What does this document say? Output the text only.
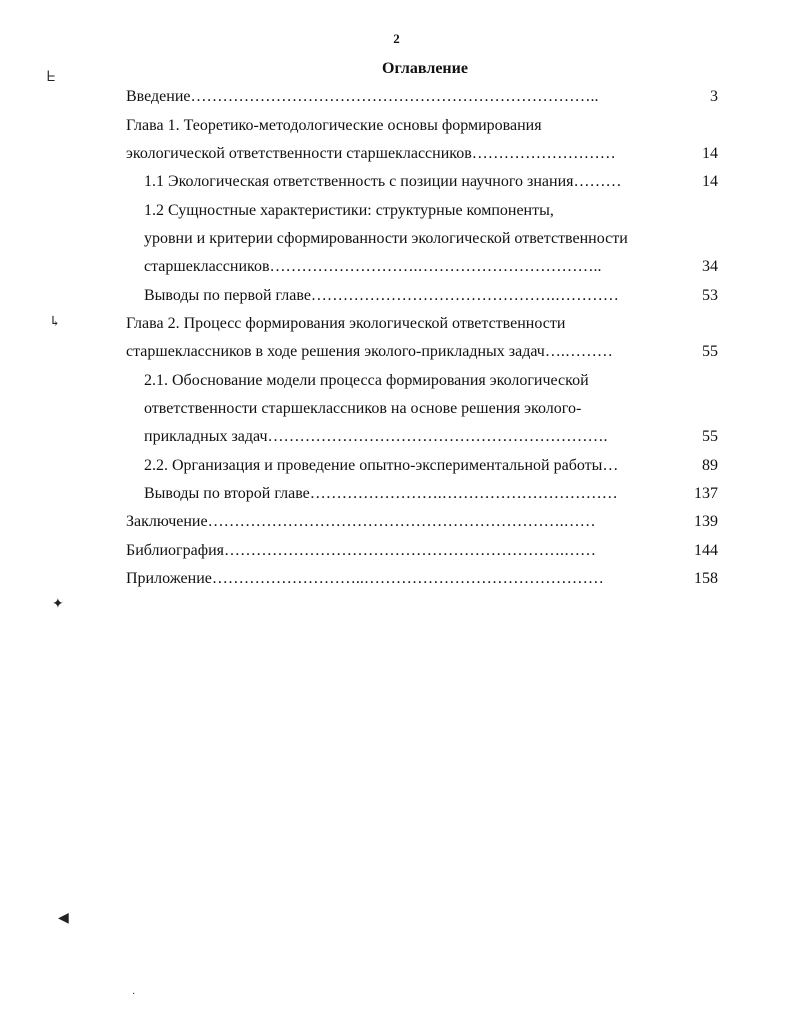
2
Оглавление
Введение…………………………………………………………………..	3
Глава 1. Теоретико-методологические основы формирования
экологической ответственности старшеклассников………………………	14
1.1 Экологическая ответственность с позиции научного знания………	14
1.2 Сущностные характеристики: структурные компоненты,
уровни и критерии сформированности экологической ответственности
старшеклассников……………………….……………………………..	34
Выводы по первой главе……………………………………….…………	53
Глава 2. Процесс формирования экологической ответственности
старшеклассников в ходе решения эколого-прикладных задач….………	55
2.1. Обоснование модели процесса формирования экологической
ответственности старшеклассников на основе решения эколого-
прикладных задач……………………………………………………….	55
2.2. Организация и проведение опытно-экспериментальной работы…	89
Выводы по второй главе…………………….……………………………	137
Заключение………………………………………………………….……	139
Библиография……………………………………………………….……	144
Приложение………………………..………………………………………	158
ᖶ
↳
✦
◀
·
